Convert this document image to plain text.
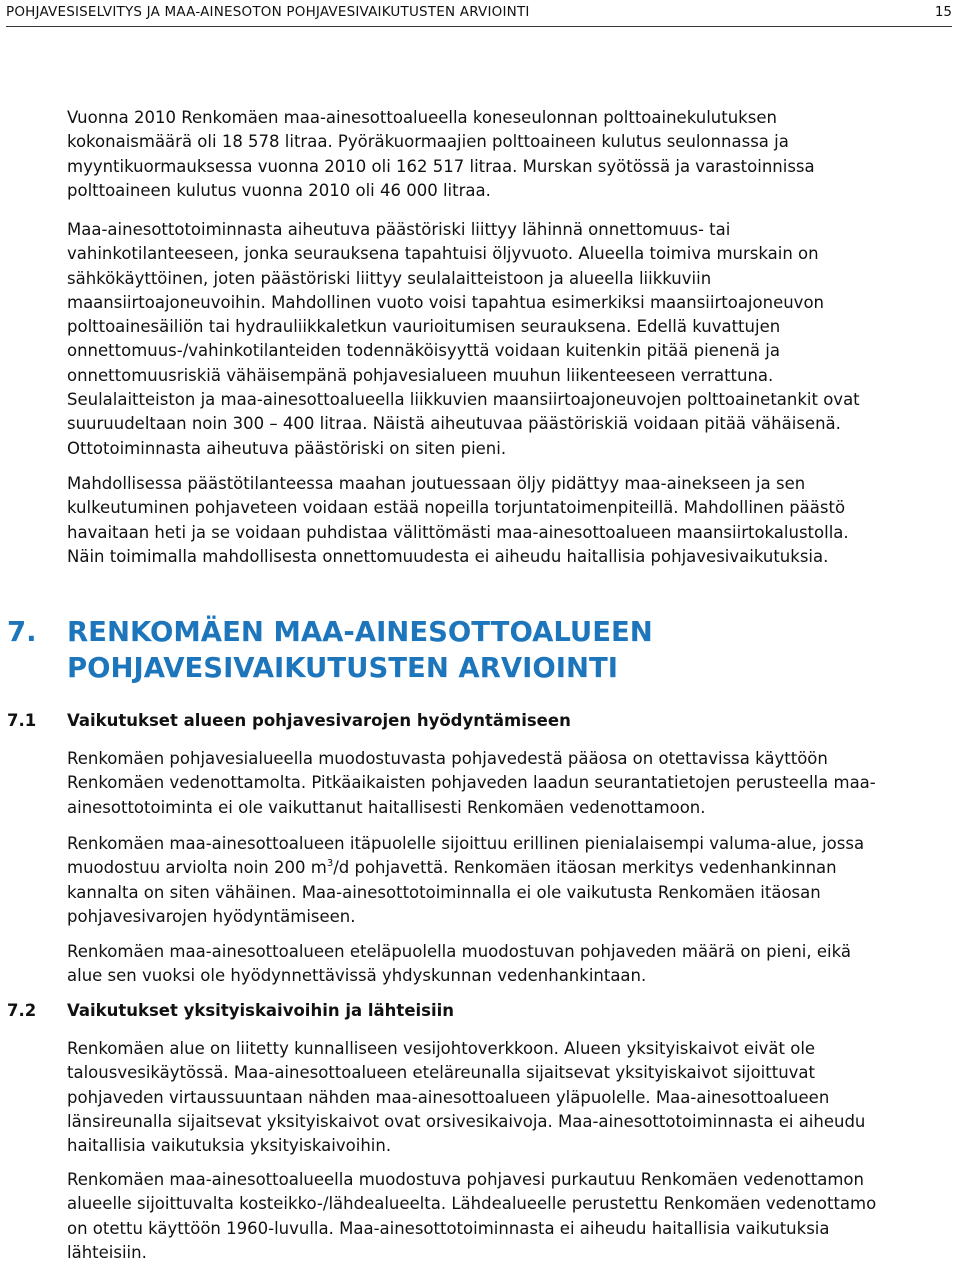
POHJAVESISELVITYS JA MAA-AINESOTON POHJAVESIVAIKUTUSTEN ARVIOINTI	15

Vuonna 2010 Renkomäen maa-ainesottoalueella koneseulonnan polttoainekulutuksen
kokonaismäärä oli 18 578 litraa. Pyöräkuormaajien polttoaineen kulutus seulonnassa ja
myyntikuormauksessa vuonna 2010 oli 162 517 litraa. Murskan syötössä ja varastoinnissa
polttoaineen kulutus vuonna 2010 oli 46 000 litraa.

Maa-ainesottotoiminnasta aiheutuva päästöriski liittyy lähinnä onnettomuus- tai
vahinkotilanteeseen, jonka seurauksena tapahtuisi öljyvuoto. Alueella toimiva murskain on
sähkökäyttöinen, joten päästöriski liittyy seulalaitteistoon ja alueella liikkuviin
maansiirtoajoneuvoihin. Mahdollinen vuoto voisi tapahtua esimerkiksi maansiirtoajoneuvon
polttoainesäiliön tai hydrauliikkaletkun vaurioitumisen seurauksena. Edellä kuvattujen
onnettomuus-/vahinkotilanteiden todennäköisyyttä voidaan kuitenkin pitää pienenä ja
onnettomuusriskiä vähäisempänä pohjavesialueen muuhun liikenteeseen verrattuna.
Seulalaitteiston ja maa-ainesottoalueella liikkuvien maansiirtoajoneuvojen polttoainetankit ovat
suuruudeltaan noin 300 – 400 litraa. Näistä aiheutuvaa päästöriskiä voidaan pitää vähäisenä.
Ottotoiminnasta aiheutuva päästöriski on siten pieni.

Mahdollisessa päästötilanteessa maahan joutuessaan öljy pidättyy maa-ainekseen ja sen
kulkeutuminen pohjaveteen voidaan estää nopeilla torjuntatoimenpiteillä. Mahdollinen päästö
havaitaan heti ja se voidaan puhdistaa välittömästi maa-ainesottoalueen maansiirtokalustolla.
Näin toimimalla mahdollisesta onnettomuudesta ei aiheudu haitallisia pohjavesivaikutuksia.

7. RENKOMÄEN MAA-AINESOTTOALUEEN
POHJAVESIVAIKUTUSTEN ARVIOINTI
7.1 Vaikutukset alueen pohjavesivarojen hyödyntämiseen

Renkomäen pohjavesialueella muodostuvasta pohjavedestä pääosa on otettavissa käyttöön
Renkomäen vedenottamolta. Pitkäaikaisten pohjaveden laadun seurantatietojen perusteella maa-
ainesottotoiminta ei ole vaikuttanut haitallisesti Renkomäen vedenottamoon.

Renkomäen maa-ainesottoalueen itäpuolelle sijoittuu erillinen pienialaisempi valuma-alue, jossa
muodostuu arviolta noin 200 $m^3/d$ pohjavettä. Renkomäen itäosan merkitys vedenhankinnan
kannalta on siten vähäinen. Maa-ainesottotoiminnalla ei ole vaikutusta Renkomäen itäosan
pohjavesivarojen hyödyntämiseen.

Renkomäen maa-ainesottoalueen eteläpuolella muodostuvan pohjaveden määrä on pieni, eikä
alue sen vuoksi ole hyödynnettävissä yhdyskunnan vedenhankintaan.

7.2 Vaikutukset yksityiskaivoihin ja lähteisiin

Renkomäen alue on liitetty kunnalliseen vesijohtoverkkoon. Alueen yksityiskaivot eivät ole
talousvesikäytössä. Maa-ainesottoalueen eteläreunalla sijaitsevat yksityiskaivot sijoittuvat
pohjaveden virtaussuuntaan nähden maa-ainesottoalueen yläpuolelle. Maa-ainesottoalueen
länsireunalla sijaitsevat yksityiskaivot ovat orsivesikaivoja. Maa-ainesottotoiminnasta ei aiheudu
haitallisia vaikutuksia yksityiskaivoihin.

Renkomäen maa-ainesottoalueella muodostuva pohjavesi purkautuu Renkomäen vedenottamon
alueelle sijoittuvalta kosteikko-/lähdealueelta. Lähdealueelle perustettu Renkomäen vedenottamo
on otettu käyttöön 1960-luvulla. Maa-ainesottotoiminnasta ei aiheudu haitallisia vaikutuksia
lähteisiin.
